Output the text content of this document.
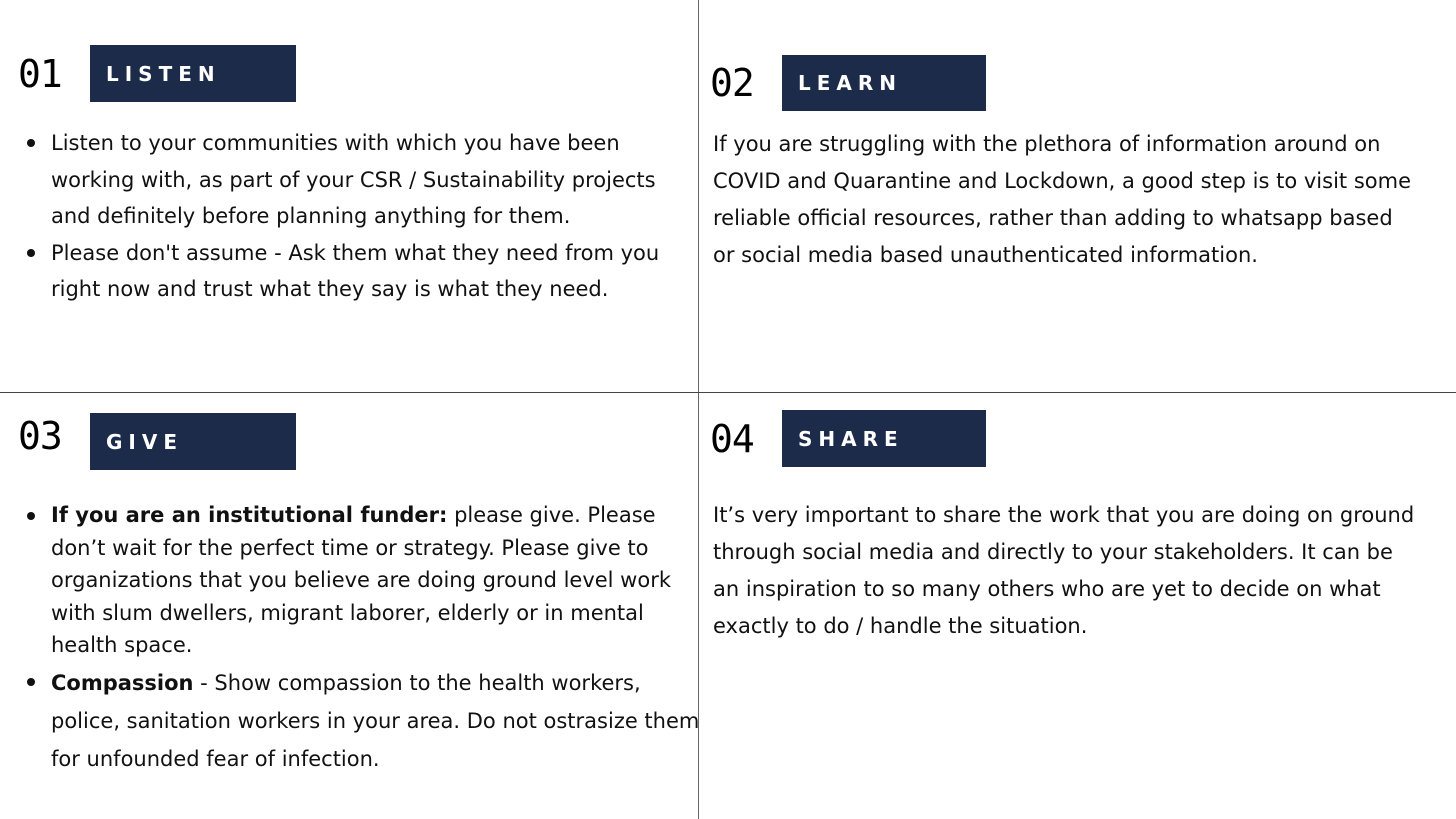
01	LISTEN
Listen to your communities with which you have been working with, as part of your CSR / Sustainability projects and definitely before planning anything for them.
Please don't assume - Ask them what they need from you right now and trust what they say is what they need.
02	LEARN

If you are struggling with the plethora of information around on COVID and Quarantine and Lockdown, a good step is to visit some reliable official resources, rather than adding to whatsapp based or social media based unauthenticated information.

03	GIVE
If you are an institutional funder: please give. Please don’t wait for the perfect time or strategy. Please give to organizations that you believe are doing ground level work with slum dwellers, migrant laborer, elderly or in mental health space.
Compassion - Show compassion to the health workers, police, sanitation workers in your area. Do not ostrasize them for unfounded fear of infection.
04	SHARE

It’s very important to share the work that you are doing on ground through social media and directly to your stakeholders. It can be an inspiration to so many others who are yet to decide on what exactly to do / handle the situation.
